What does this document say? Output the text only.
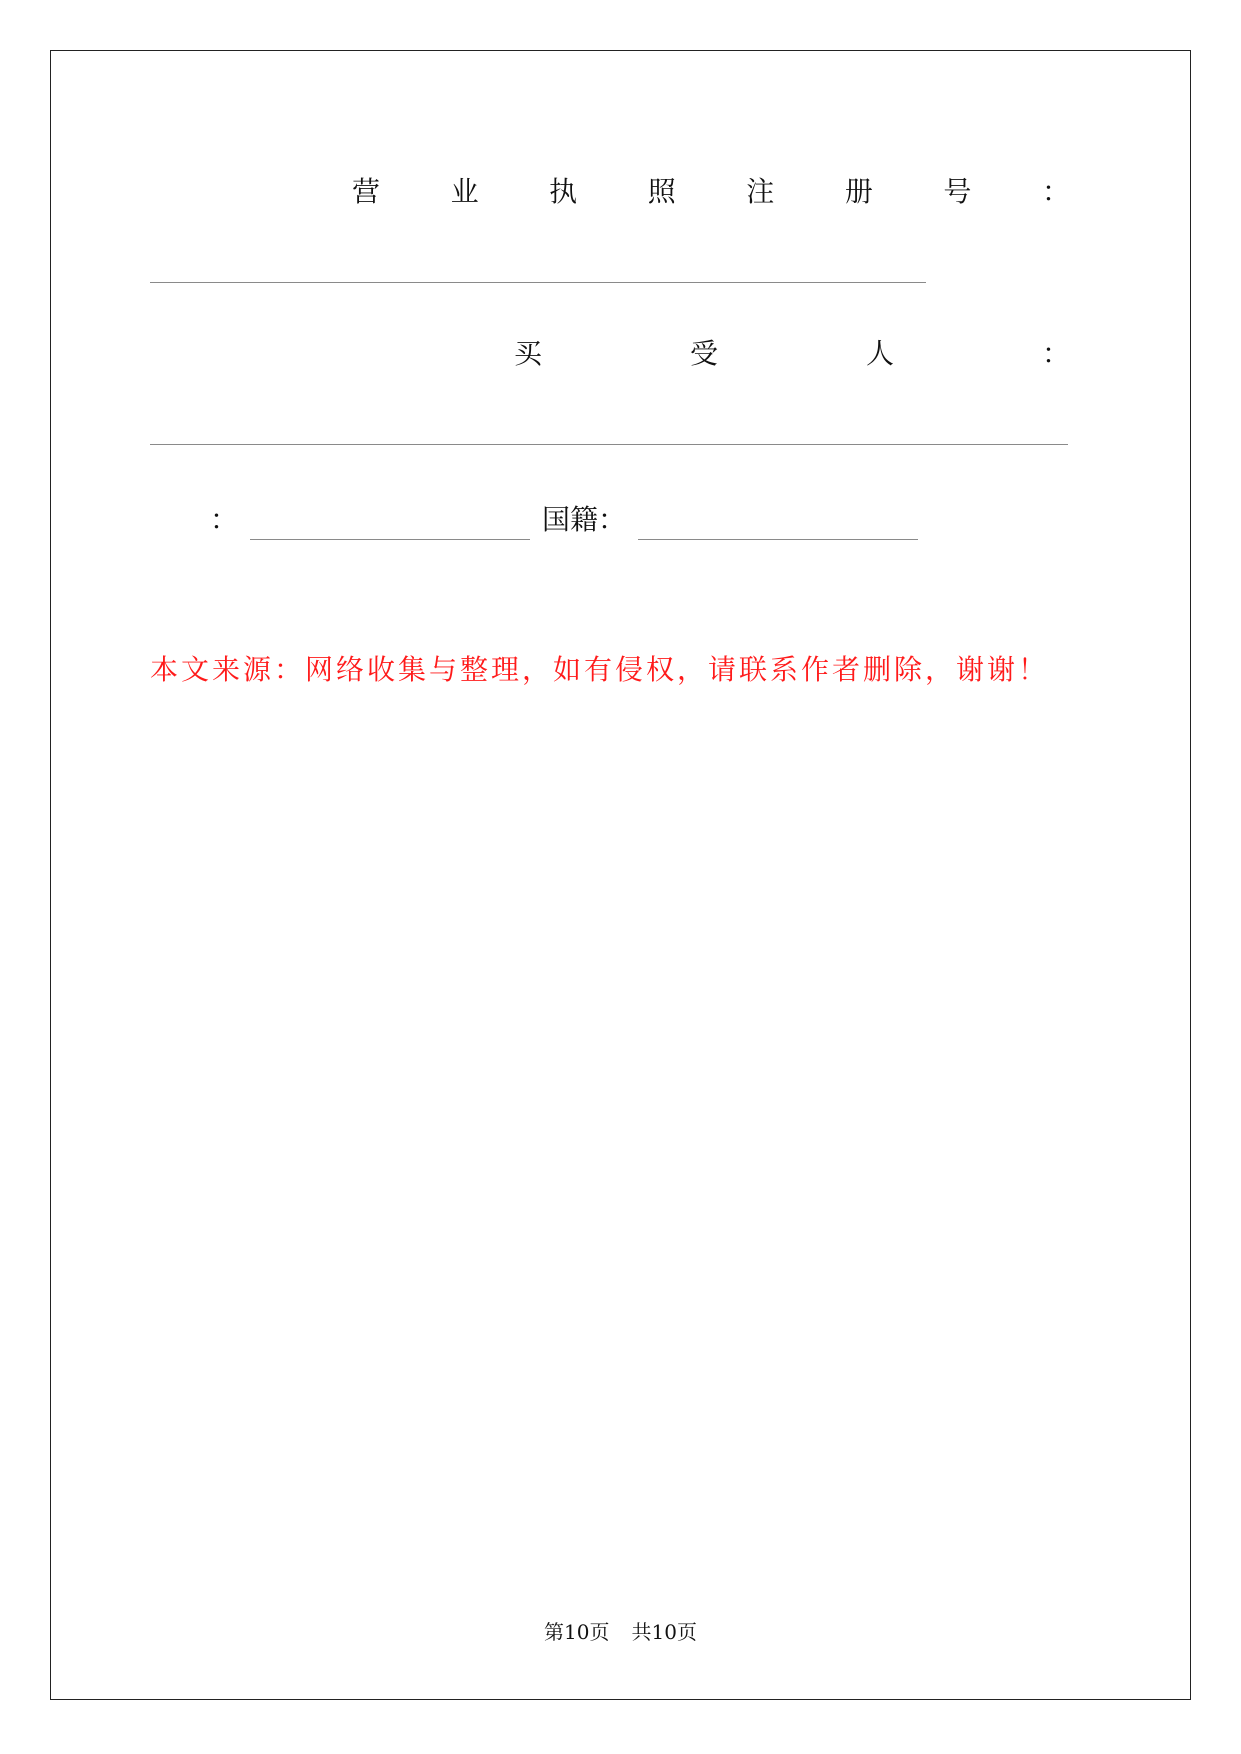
营	业	执	照	注	册	号	：
买	受	人	：
：	国籍：
本文来源：网络收集与整理，如有侵权，请联系作者删除，谢谢！
第10页 共10页
